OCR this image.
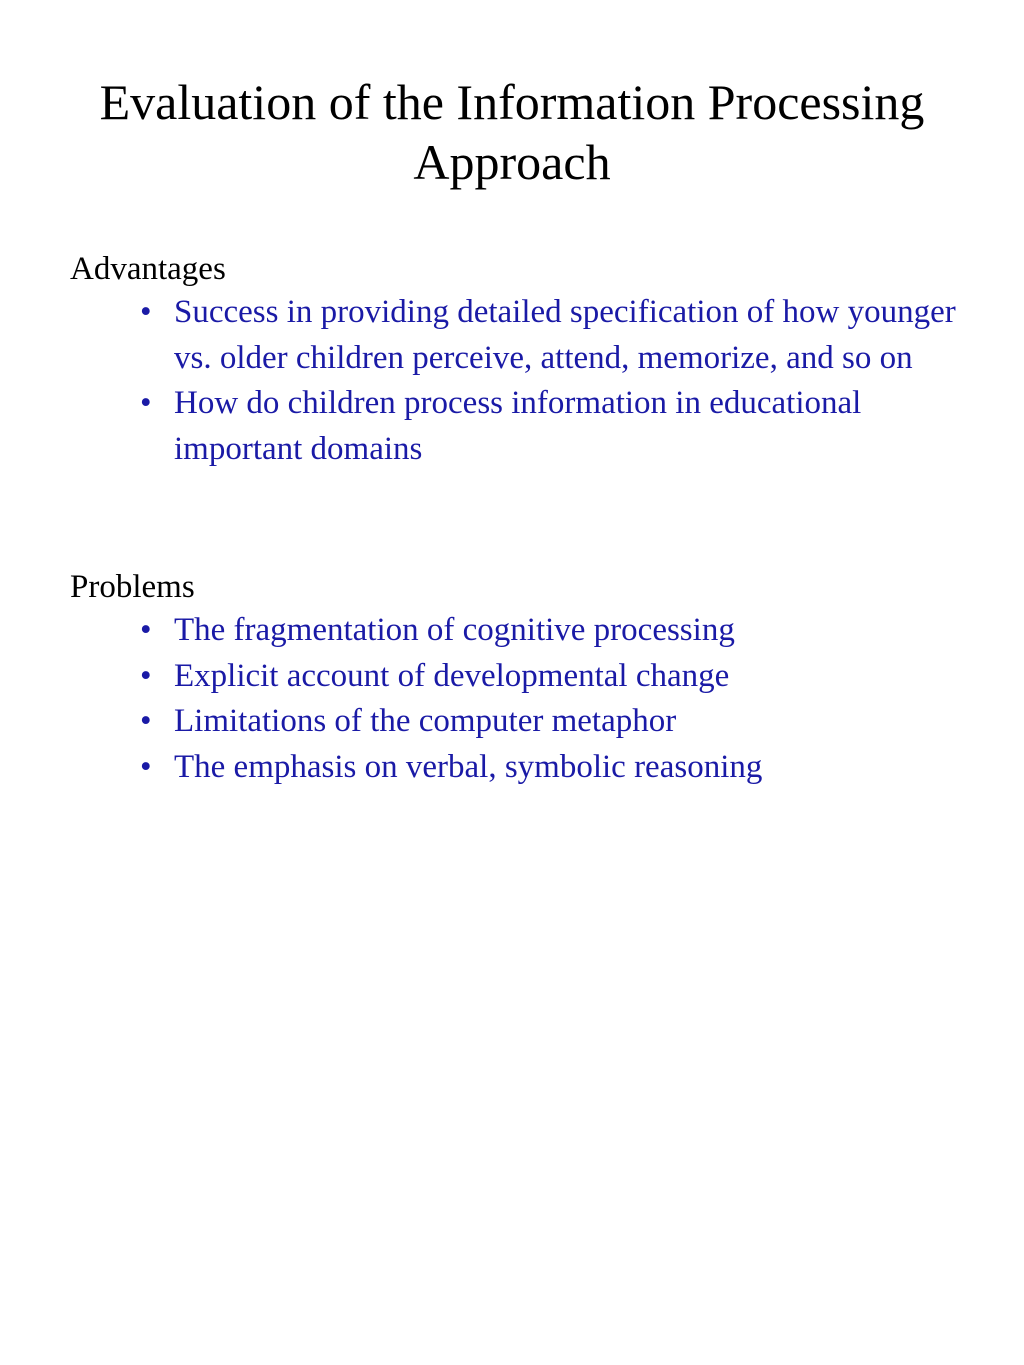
Evaluation of the Information Processing Approach

Advantages

• Success in providing detailed specification of how younger vs. older children perceive, attend, memorize, and so on
• How do children process information in educational important domains

Problems

• The fragmentation of cognitive processing
• Explicit account of developmental change
• Limitations of the computer metaphor
• The emphasis on verbal, symbolic reasoning
